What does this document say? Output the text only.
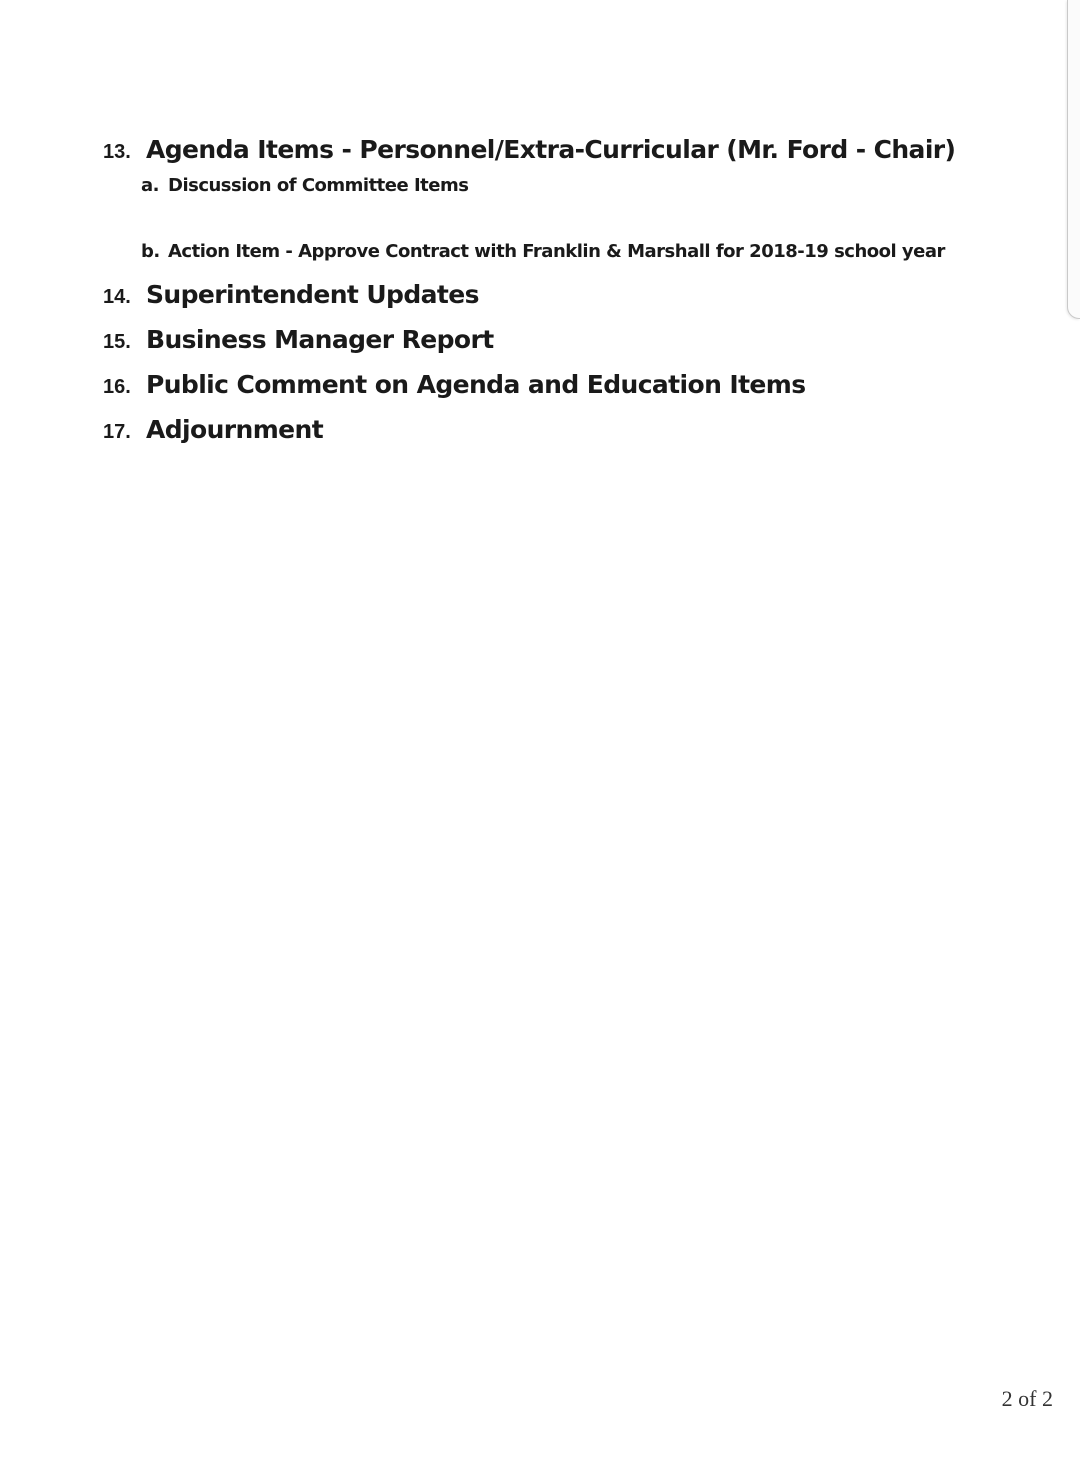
13. Agenda Items - Personnel/Extra-Curricular (Mr. Ford - Chair)
a. Discussion of Committee Items
b. Action Item - Approve Contract with Franklin & Marshall for 2018-19 school year
14. Superintendent Updates
15. Business Manager Report
16. Public Comment on Agenda and Education Items
17. Adjournment
2 of 2
